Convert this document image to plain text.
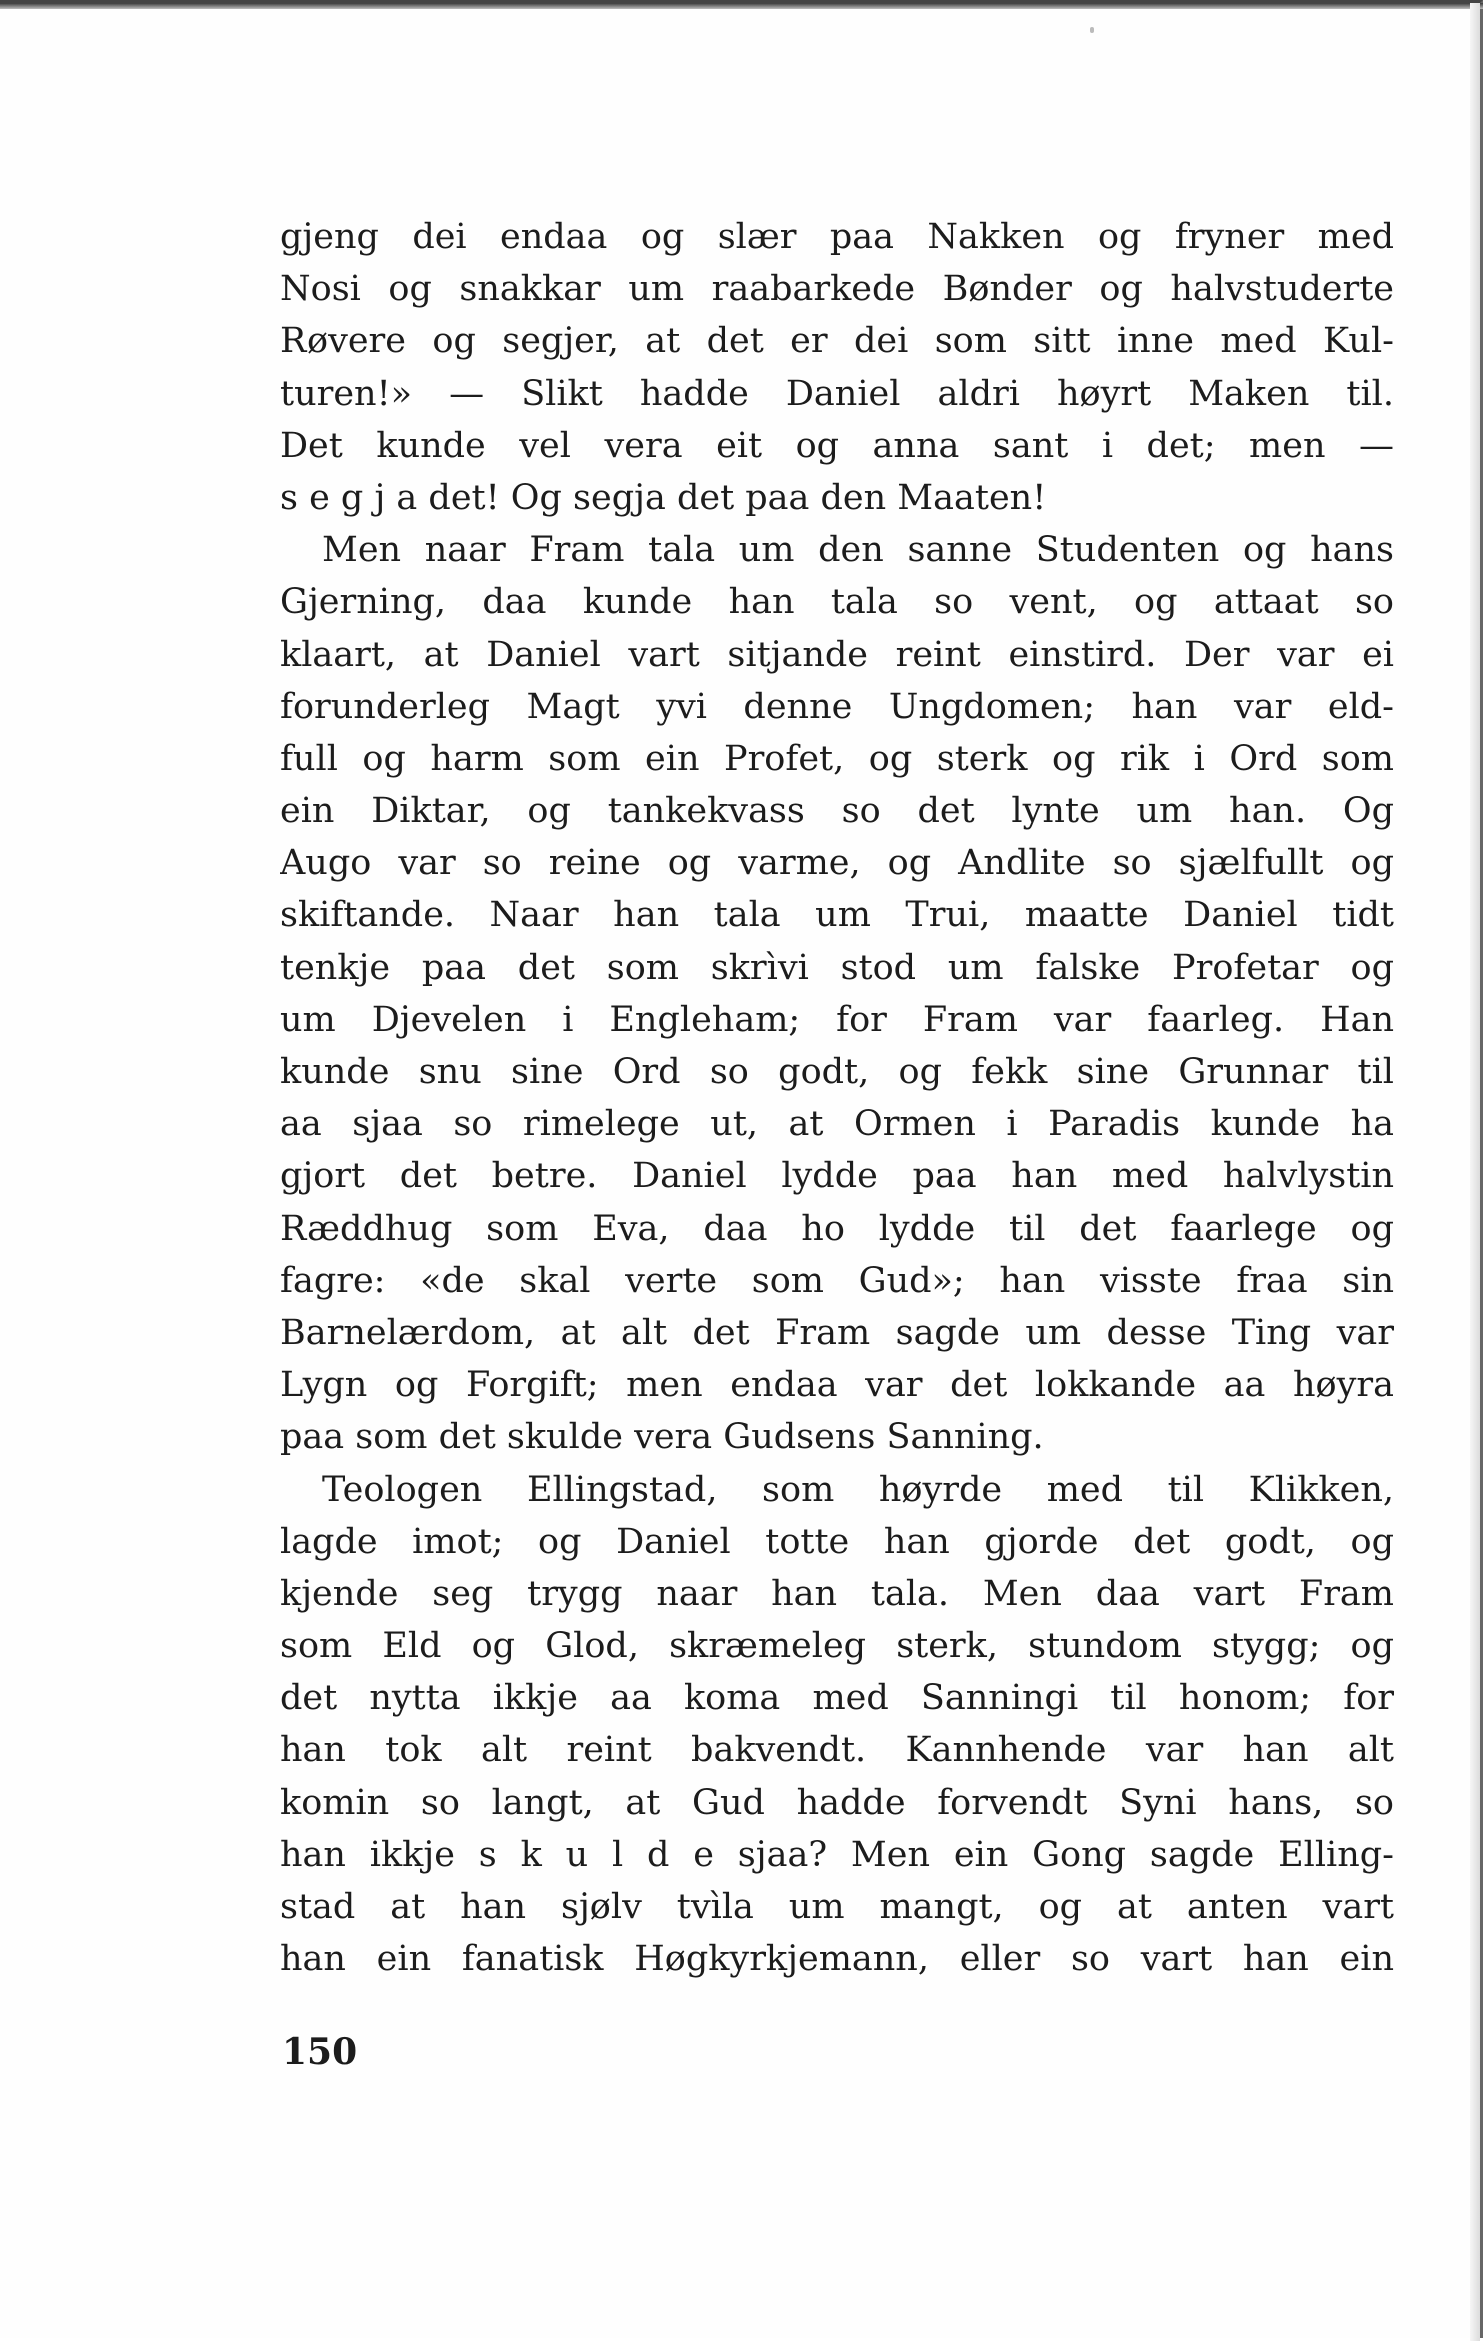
gjeng dei endaa og slær paa Nakken og fryner med
Nosi og snakkar um raabarkede Bønder og halvstuderte
Røvere og segjer, at det er dei som sitt inne med Kul-
turen!» — Slikt hadde Daniel aldri høyrt Maken til.
Det kunde vel vera eit og anna sant i det; men —
s e g j a det! Og segja det paa den Maaten!
Men naar Fram tala um den sanne Studenten og hans
Gjerning, daa kunde han tala so vent, og attaat so
klaart, at Daniel vart sitjande reint einstird. Der var ei
forunderleg Magt yvi denne Ungdomen; han var eld-
full og harm som ein Profet, og sterk og rik i Ord som
ein Diktar, og tankekvass so det lynte um han. Og
Augo var so reine og varme, og Andlite so sjælfullt og
skiftande. Naar han tala um Trui, maatte Daniel tidt
tenkje paa det som skrìvi stod um falske Profetar og
um Djevelen i Engleham; for Fram var faarleg. Han
kunde snu sine Ord so godt, og fekk sine Grunnar til
aa sjaa so rimelege ut, at Ormen i Paradis kunde ha
gjort det betre. Daniel lydde paa han med halvlystin
Ræddhug som Eva, daa ho lydde til det faarlege og
fagre: «de skal verte som Gud»; han visste fraa sin
Barnelærdom, at alt det Fram sagde um desse Ting var
Lygn og Forgift; men endaa var det lokkande aa høyra
paa som det skulde vera Gudsens Sanning.
Teologen Ellingstad, som høyrde med til Klikken,
lagde imot; og Daniel totte han gjorde det godt, og
kjende seg trygg naar han tala. Men daa vart Fram
som Eld og Glod, skræmeleg sterk, stundom stygg; og
det nytta ikkje aa koma med Sanningi til honom; for
han tok alt reint bakvendt. Kannhende var han alt
komin so langt, at Gud hadde forvendt Syni hans, so
han ikkje s k u l d e sjaa? Men ein Gong sagde Elling-
stad at han sjølv tvìla um mangt, og at anten vart
han ein fanatisk Høgkyrkjemann, eller so vart han ein
150
